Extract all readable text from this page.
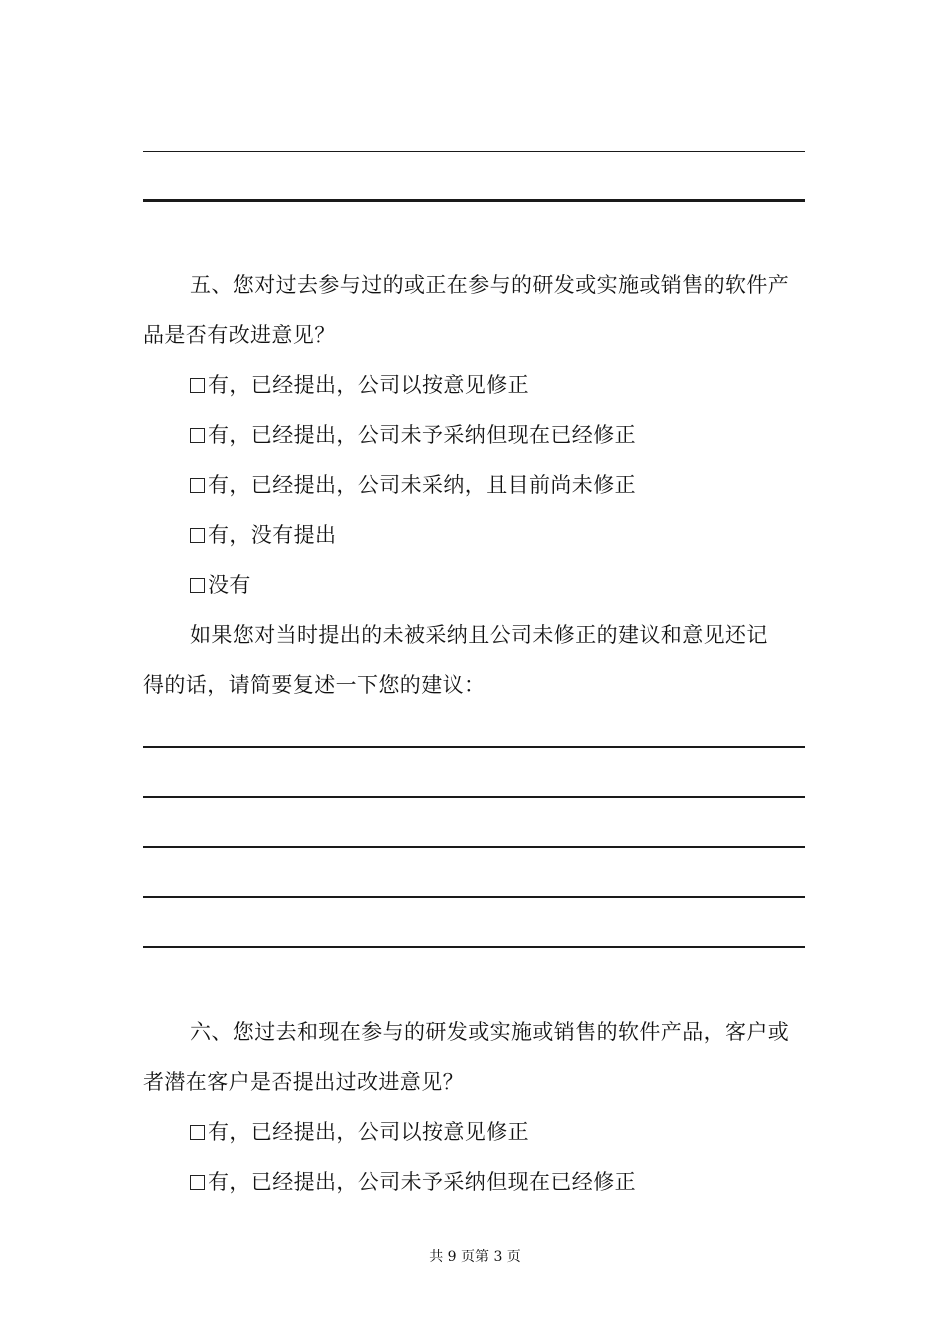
五、您对过去参与过的或正在参与的研发或实施或销售的软件产
品是否有改进意见？
有，已经提出，公司以按意见修正
有，已经提出，公司未予采纳但现在已经修正
有，已经提出，公司未采纳，且目前尚未修正
有，没有提出
没有
如果您对当时提出的未被采纳且公司未修正的建议和意见还记
得的话，请简要复述一下您的建议：
六、您过去和现在参与的研发或实施或销售的软件产品，客户或
者潜在客户是否提出过改进意见？
有，已经提出，公司以按意见修正
有，已经提出，公司未予采纳但现在已经修正
共 9 页第 3 页
